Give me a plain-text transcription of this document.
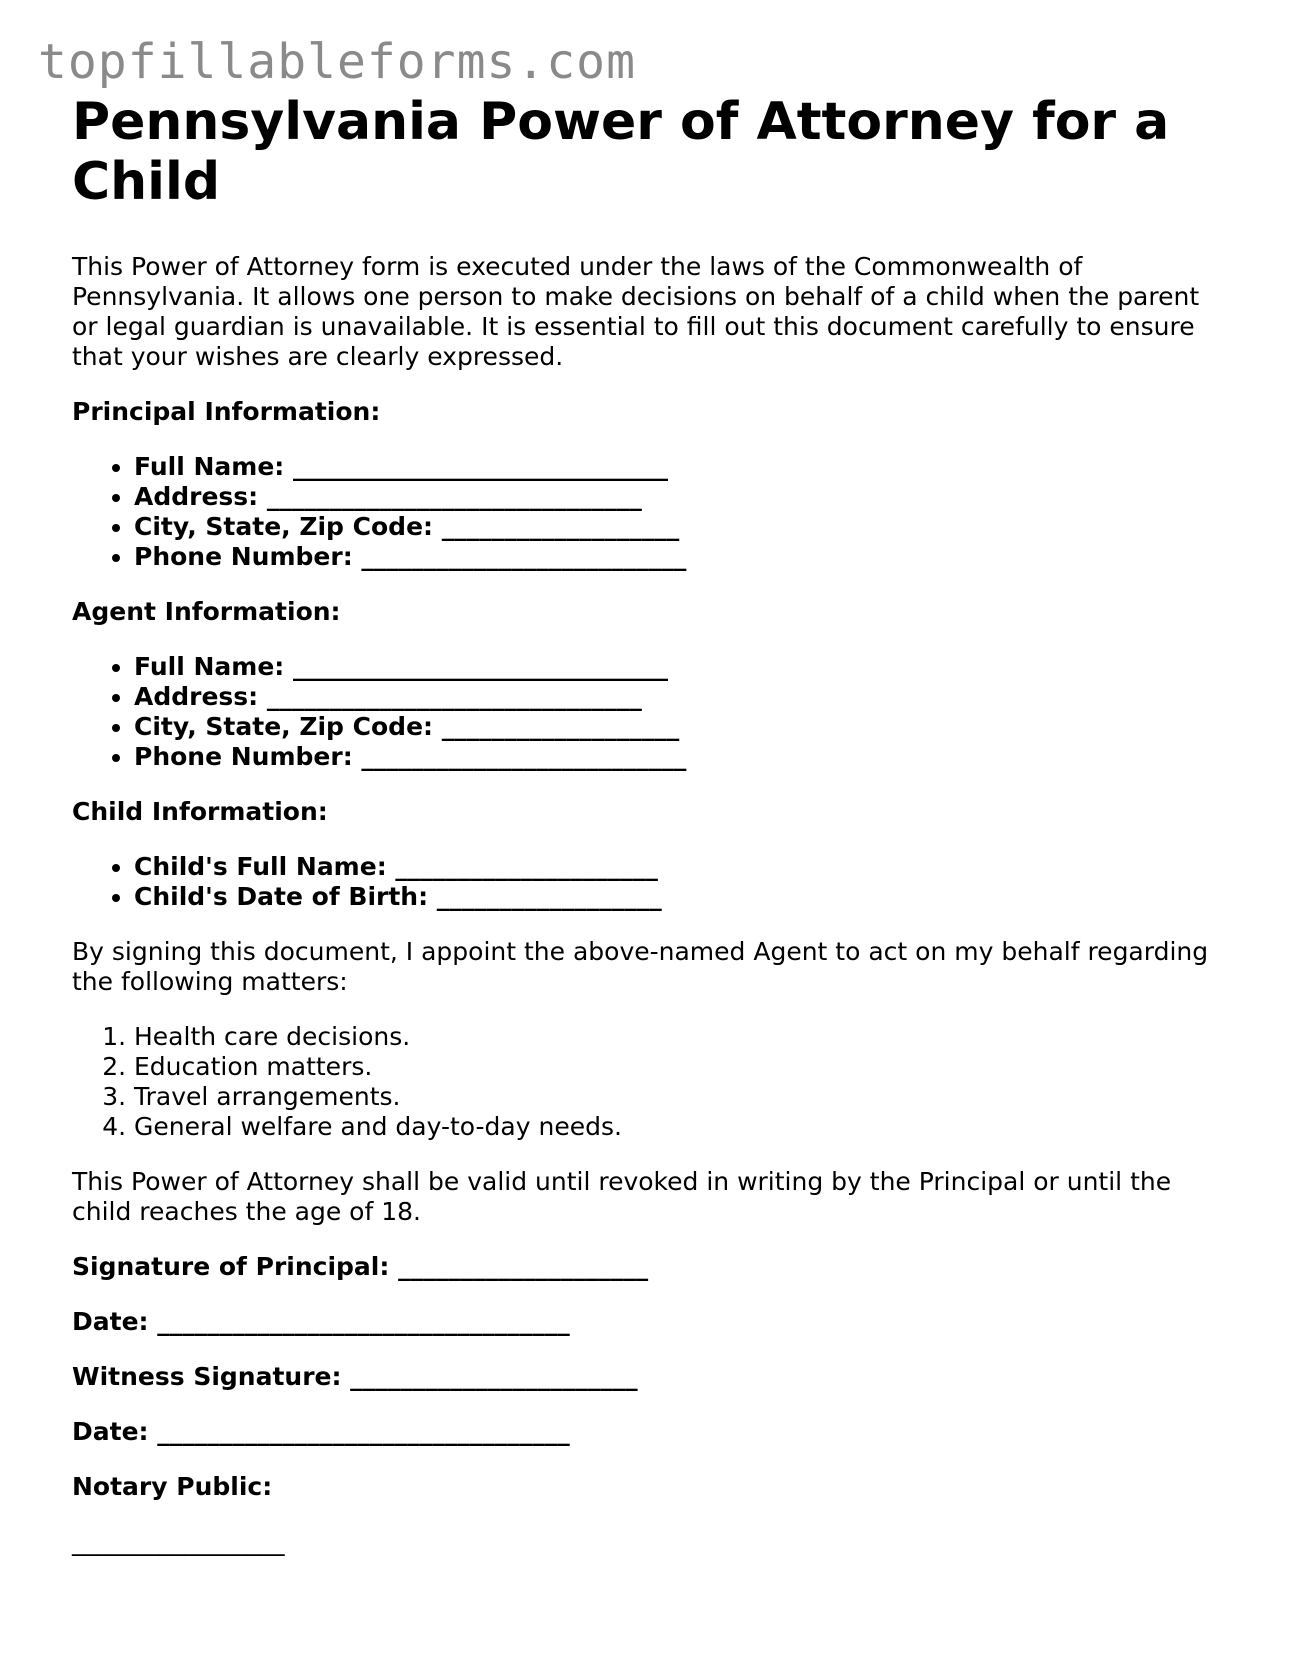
topfillableforms.com
Pennsylvania Power of Attorney for a Child

This Power of Attorney form is executed under the laws of the Commonwealth of Pennsylvania. It allows one person to make decisions on behalf of a child when the parent or legal guardian is unavailable. It is essential to fill out this document carefully to ensure that your wishes are clearly expressed.

Principal Information:
• Full Name: ______________________________
• Address: ______________________________
• City, State, Zip Code: ___________________
• Phone Number: __________________________
Agent Information:
• Full Name: ______________________________
• Address: ______________________________
• City, State, Zip Code: ___________________
• Phone Number: __________________________
Child Information:
• Child's Full Name: _____________________
• Child's Date of Birth: __________________

By signing this document, I appoint the above-named Agent to act on my behalf regarding the following matters:

1. Health care decisions.
2. Education matters.
3. Travel arrangements.
4. General welfare and day-to-day needs.

This Power of Attorney shall be valid until revoked in writing by the Principal or until the child reaches the age of 18.

Signature of Principal: ____________________
Date: _________________________________
Witness Signature: _______________________
Date: _________________________________
Notary Public:
_________________
